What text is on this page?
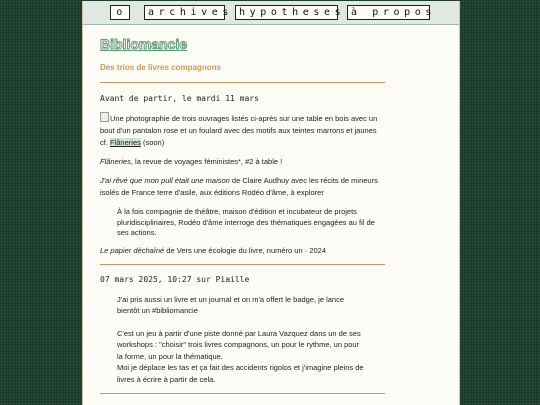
o	archives hypotheses à propos
Bibliomancie
Des trios de livres compagnons
Avant de partir, le mardi 11 mars

Une photographie de trois ouvrages listés ci-après sur une table en bois avec un bout d'un pantalon rose et un foulard avec des motifs aux teintes marrons et jaunes cf. Flâneries (soon)

Flâneries, la revue de voyages féministes*, #2 à table !

J'ai rêvé que mon pull était une maison de Claire Audhuy avec les récits de mineurs isolés de France terre d'asile, aux éditions Rodéo d'âme, à explorer

À la fois compagnie de théâtre, maison d'édition et incubateur de projets pluridisciplinaires, Rodéo d'âme interroge des thématiques engagées au fil de ses actions.

Le papier déchaîné de Vers une écologie du livre, numéro un · 2024

07 mars 2025, 10:27 sur Piaille

J'ai pris aussi un livre et un journal et on m'a offert le badge, je lance bientôt un #bibliomancie

C'est un jeu à partir d'une piste donné par Laura Vazquez dans un de ses workshops : "choisir" trois livres compagnons, un pour le rythme, un pour la forme, un pour la thématique.

Moi je déplace les tas et ça fait des accidents rigolos et j'imagine pleins de livres à écrire à partir de cela.
